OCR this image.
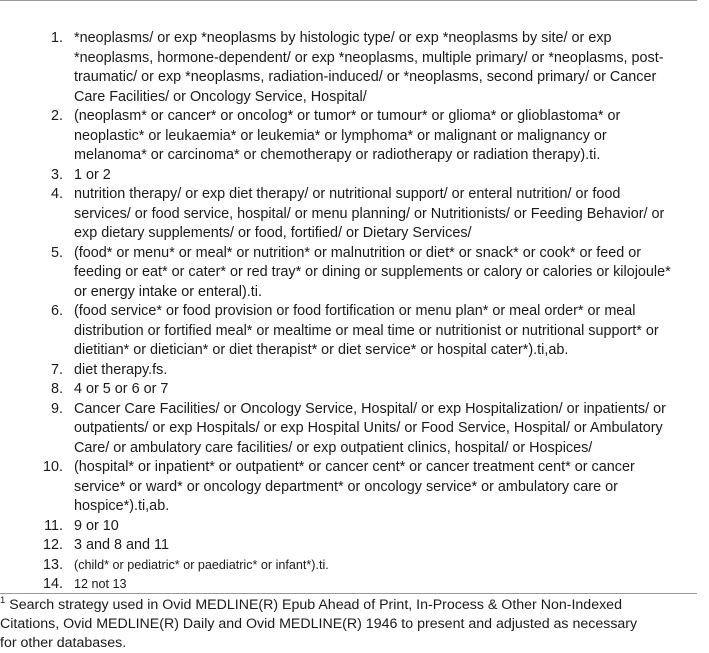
1. *neoplasms/ or exp *neoplasms by histologic type/ or exp *neoplasms by site/ or exp
*neoplasms, hormone-dependent/ or exp *neoplasms, multiple primary/ or *neoplasms, post-
traumatic/ or exp *neoplasms, radiation-induced/ or *neoplasms, second primary/ or Cancer
Care Facilities/ or Oncology Service, Hospital/
2. (neoplasm* or cancer* or oncolog* or tumor* or tumour* or glioma* or glioblastoma* or
neoplastic* or leukaemia* or leukemia* or lymphoma* or malignant or malignancy or
melanoma* or carcinoma* or chemotherapy or radiotherapy or radiation therapy).ti.
3. 1 or 2
4. nutrition therapy/ or exp diet therapy/ or nutritional support/ or enteral nutrition/ or food
services/ or food service, hospital/ or menu planning/ or Nutritionists/ or Feeding Behavior/ or
exp dietary supplements/ or food, fortified/ or Dietary Services/
5. (food* or menu* or meal* or nutrition* or malnutrition or diet* or snack* or cook* or feed or
feeding or eat* or cater* or red tray* or dining or supplements or calory or calories or kilojoule*
or energy intake or enteral).ti.
6. (food service* or food provision or food fortification or menu plan* or meal order* or meal
distribution or fortified meal* or mealtime or meal time or nutritionist or nutritional support* or
dietitian* or dietician* or diet therapist* or diet service* or hospital cater*).ti,ab.
7. diet therapy.fs.
8. 4 or 5 or 6 or 7
9. Cancer Care Facilities/ or Oncology Service, Hospital/ or exp Hospitalization/ or inpatients/ or
outpatients/ or exp Hospitals/ or exp Hospital Units/ or Food Service, Hospital/ or Ambulatory
Care/ or ambulatory care facilities/ or exp outpatient clinics, hospital/ or Hospices/
10. (hospital* or inpatient* or outpatient* or cancer cent* or cancer treatment cent* or cancer
service* or ward* or oncology department* or oncology service* or ambulatory care or
hospice*).ti,ab.
11. 9 or 10
12. 3 and 8 and 11
13. (child* or pediatric* or paediatric* or infant*).ti.
14. 12 not 13
$^1$ Search strategy used in Ovid MEDLINE(R) Epub Ahead of Print, In-Process & Other Non-Indexed
Citations, Ovid MEDLINE(R) Daily and Ovid MEDLINE(R) 1946 to present and adjusted as necessary
for other databases.
